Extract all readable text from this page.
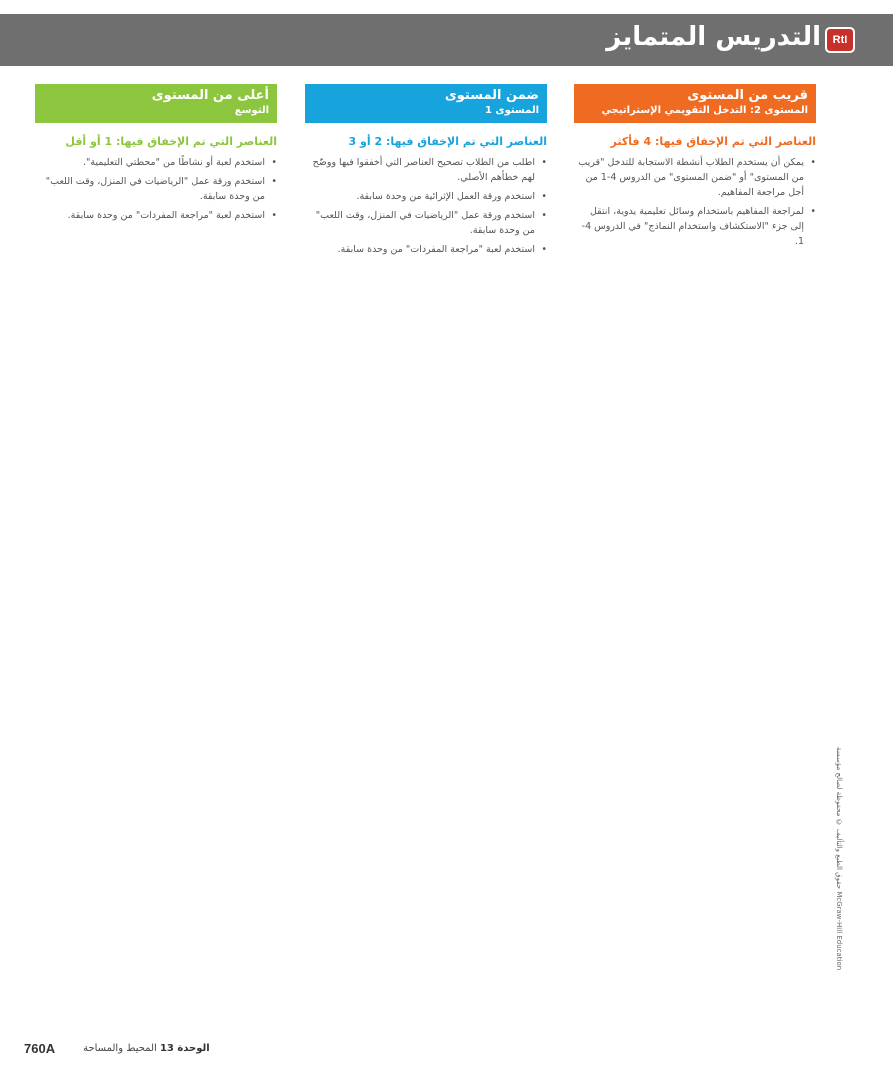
التدريس المتمايز	RtI
قريب من المستوى
المستوى 2: التدخل التقويمي الإستراتيجي
العناصر التي تم الإخفاق فيها: 4 فأكثر
• يمكن أن يستخدم الطلاب أنشطة الاستجابة للتدخل "قريب من المستوى" أو "ضمن المستوى" من الدروس 4-1 من أجل مراجعة المفاهيم.
• لمراجعة المفاهيم باستخدام وسائل تعليمية يدوية، انتقل إلى جزء "الاستكشاف واستخدام النماذج" في الدروس 4-1.
ضمن المستوى
المستوى 1
العناصر التي تم الإخفاق فيها: 2 أو 3
• اطلب من الطلاب تصحيح العناصر التي أخفقوا فيها ووضّح لهم خطأهم الأصلي.
• استخدم ورقة العمل الإثرائية من وحدة سابقة.
• استخدم ورقة عمل "الرياضيات في المنزل، وقت اللعب" من وحدة سابقة.
• استخدم لعبة "مراجعة المفردات" من وحدة سابقة.
أعلى من المستوى
التوسع
العناصر التي تم الإخفاق فيها: 1 أو أقل
• استخدم لعبة أو نشاطًا من "محطتي التعليمية".
• استخدم ورقة عمل "الرياضيات في المنزل، وقت اللعب" من وحدة سابقة.
• استخدم لعبة "مراجعة المفردات" من وحدة سابقة.
McGraw-Hill Education حقوق الطبع والتأليف © محفوظة لصالح مؤسسة
760A	الوحدة 13 المحيط والمساحة
